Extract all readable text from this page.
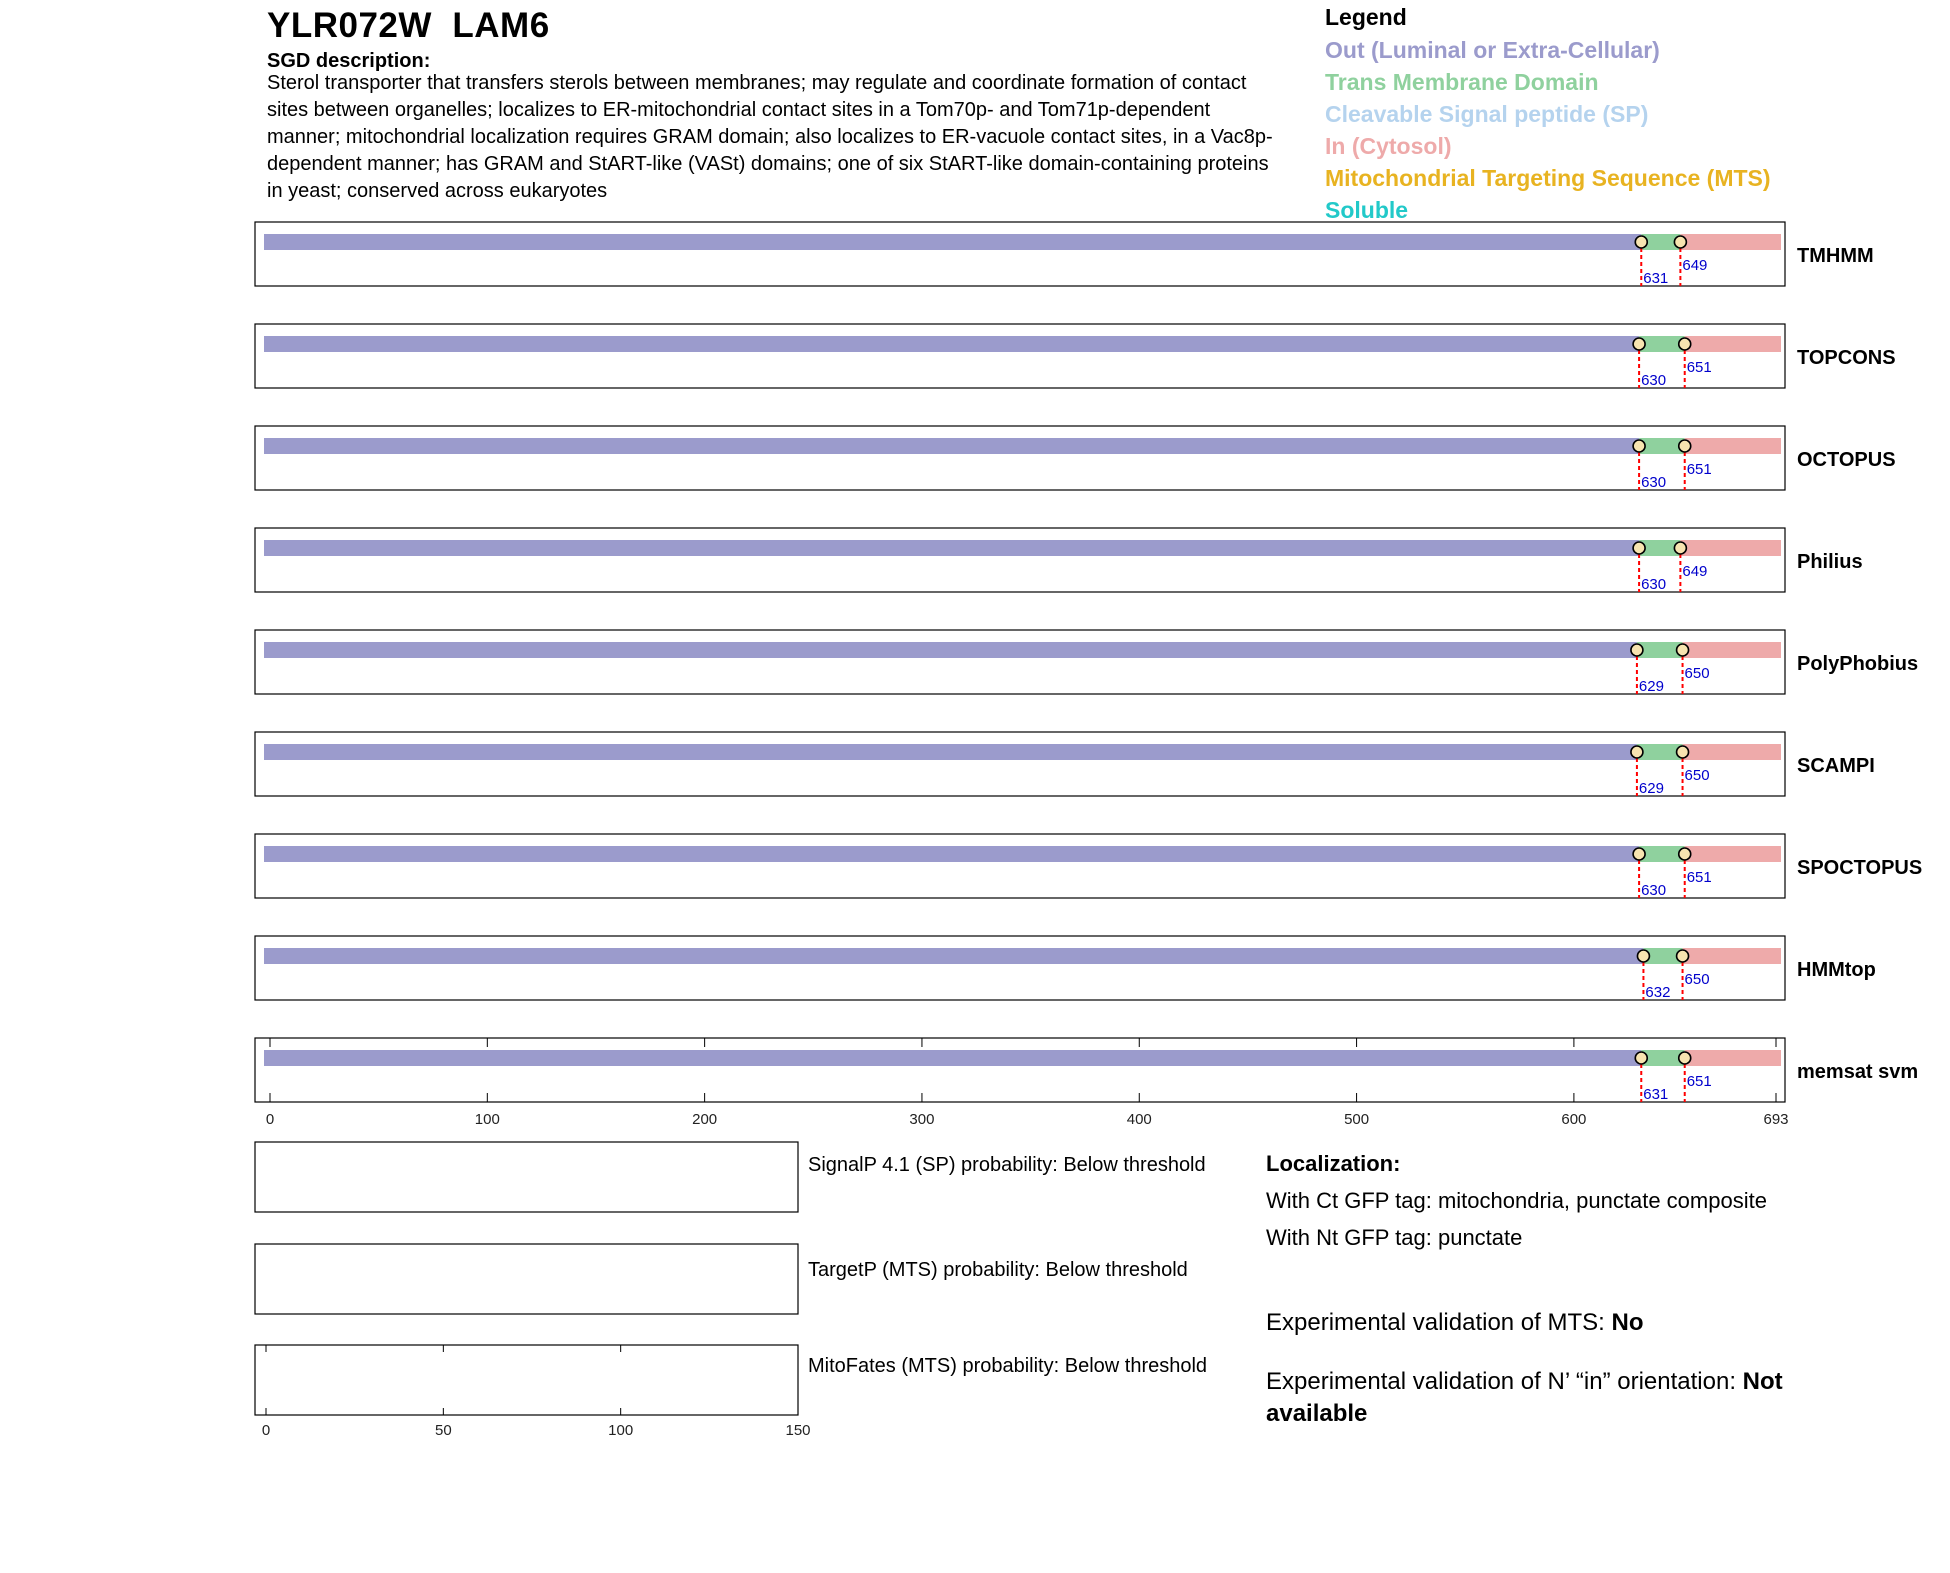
631
649	TMHMM
630
651	TOPCONS
630
651	OCTOPUS
630
649	Philius
629
650	PolyPhobius
629
650	SCAMPI
630
651	SPOCTOPUS
632
650	HMMtop
631
651	memsat svm
0	100	200	300	400	500	600	693
0	50	100	150
YLR072W LAM6
SGD description:
Sterol transporter that transfers sterols between membranes; may regulate and coordinate formation of contact sites between organelles; localizes to ER-mitochondrial contact sites in a Tom70p- and Tom71p-dependent manner; mitochondrial localization requires GRAM domain; also localizes to ER-vacuole contact sites, in a Vac8p-dependent manner; has GRAM and StART-like (VASt) domains; one of six StART-like domain-containing proteins in yeast; conserved across eukaryotes
Legend
Out (Luminal or Extra-Cellular)
Trans Membrane Domain
Cleavable Signal peptide (SP)
In (Cytosol)
Mitochondrial Targeting Sequence (MTS)
Soluble
SignalP 4.1 (SP) probability: Below threshold
TargetP (MTS) probability: Below threshold
MitoFates (MTS) probability: Below threshold
Localization:
With Ct GFP tag: mitochondria, punctate composite
With Nt GFP tag: punctate
Experimental validation of MTS: No
Experimental validation of N’ “in” orientation: Not available
